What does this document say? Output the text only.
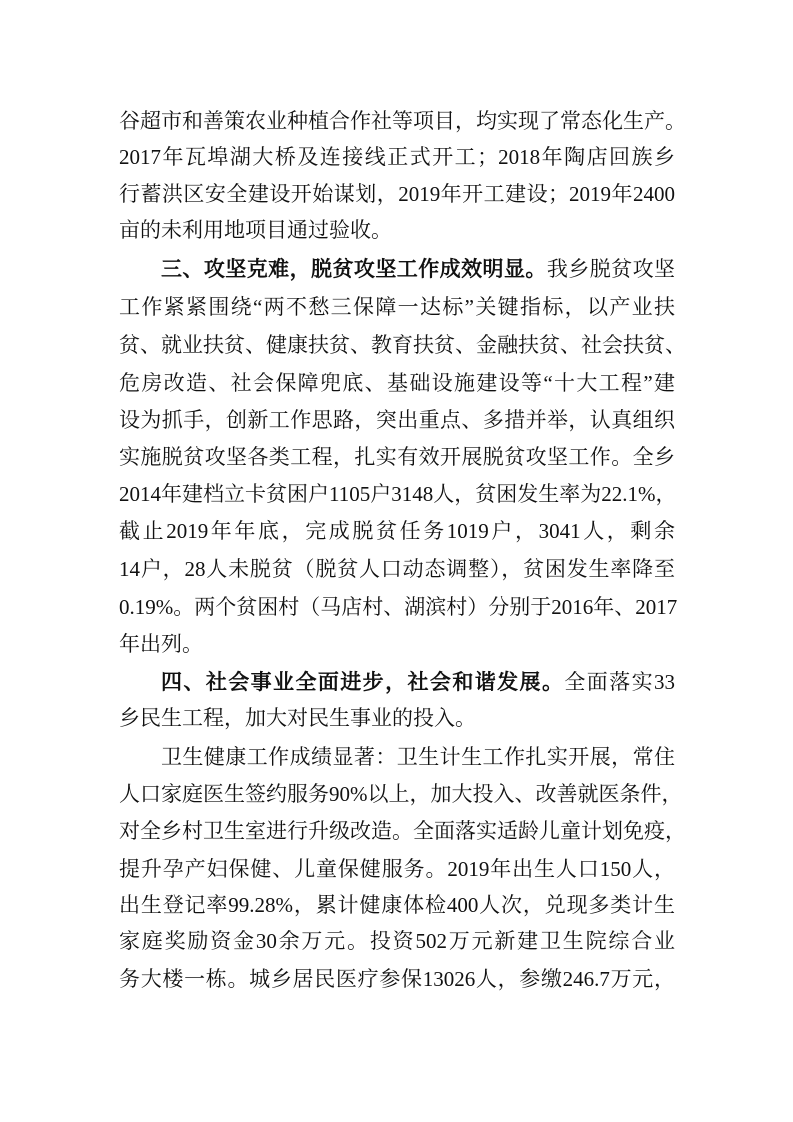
谷超市和善策农业种植合作社等项目，均实现了常态化生产。
2017年瓦埠湖大桥及连接线正式开工；2018年陶店回族乡
行蓄洪区安全建设开始谋划，2019年开工建设；2019年2400
亩的未利用地项目通过验收。
三、攻坚克难，脱贫攻坚工作成效明显。我乡脱贫攻坚
工作紧紧围绕“两不愁三保障一达标”关键指标，以产业扶
贫、就业扶贫、健康扶贫、教育扶贫、金融扶贫、社会扶贫、
危房改造、社会保障兜底、基础设施建设等“十大工程”建
设为抓手，创新工作思路，突出重点、多措并举，认真组织
实施脱贫攻坚各类工程，扎实有效开展脱贫攻坚工作。全乡
2014年建档立卡贫困户1105户3148人，贫困发生率为22.1%，
截止2019年年底，完成脱贫任务1019户，3041人，剩余
14户，28人未脱贫（脱贫人口动态调整），贫困发生率降至
0.19%。两个贫困村（马店村、湖滨村）分别于2016年、2017
年出列。
四、社会事业全面进步，社会和谐发展。全面落实33
乡民生工程，加大对民生事业的投入。
卫生健康工作成绩显著：卫生计生工作扎实开展，常住
人口家庭医生签约服务90%以上，加大投入、改善就医条件，
对全乡村卫生室进行升级改造。全面落实适龄儿童计划免疫，
提升孕产妇保健、儿童保健服务。2019年出生人口150人，
出生登记率99.28%，累计健康体检400人次，兑现多类计生
家庭奖励资金30余万元。投资502万元新建卫生院综合业
务大楼一栋。城乡居民医疗参保13026人，参缴246.7万元，
